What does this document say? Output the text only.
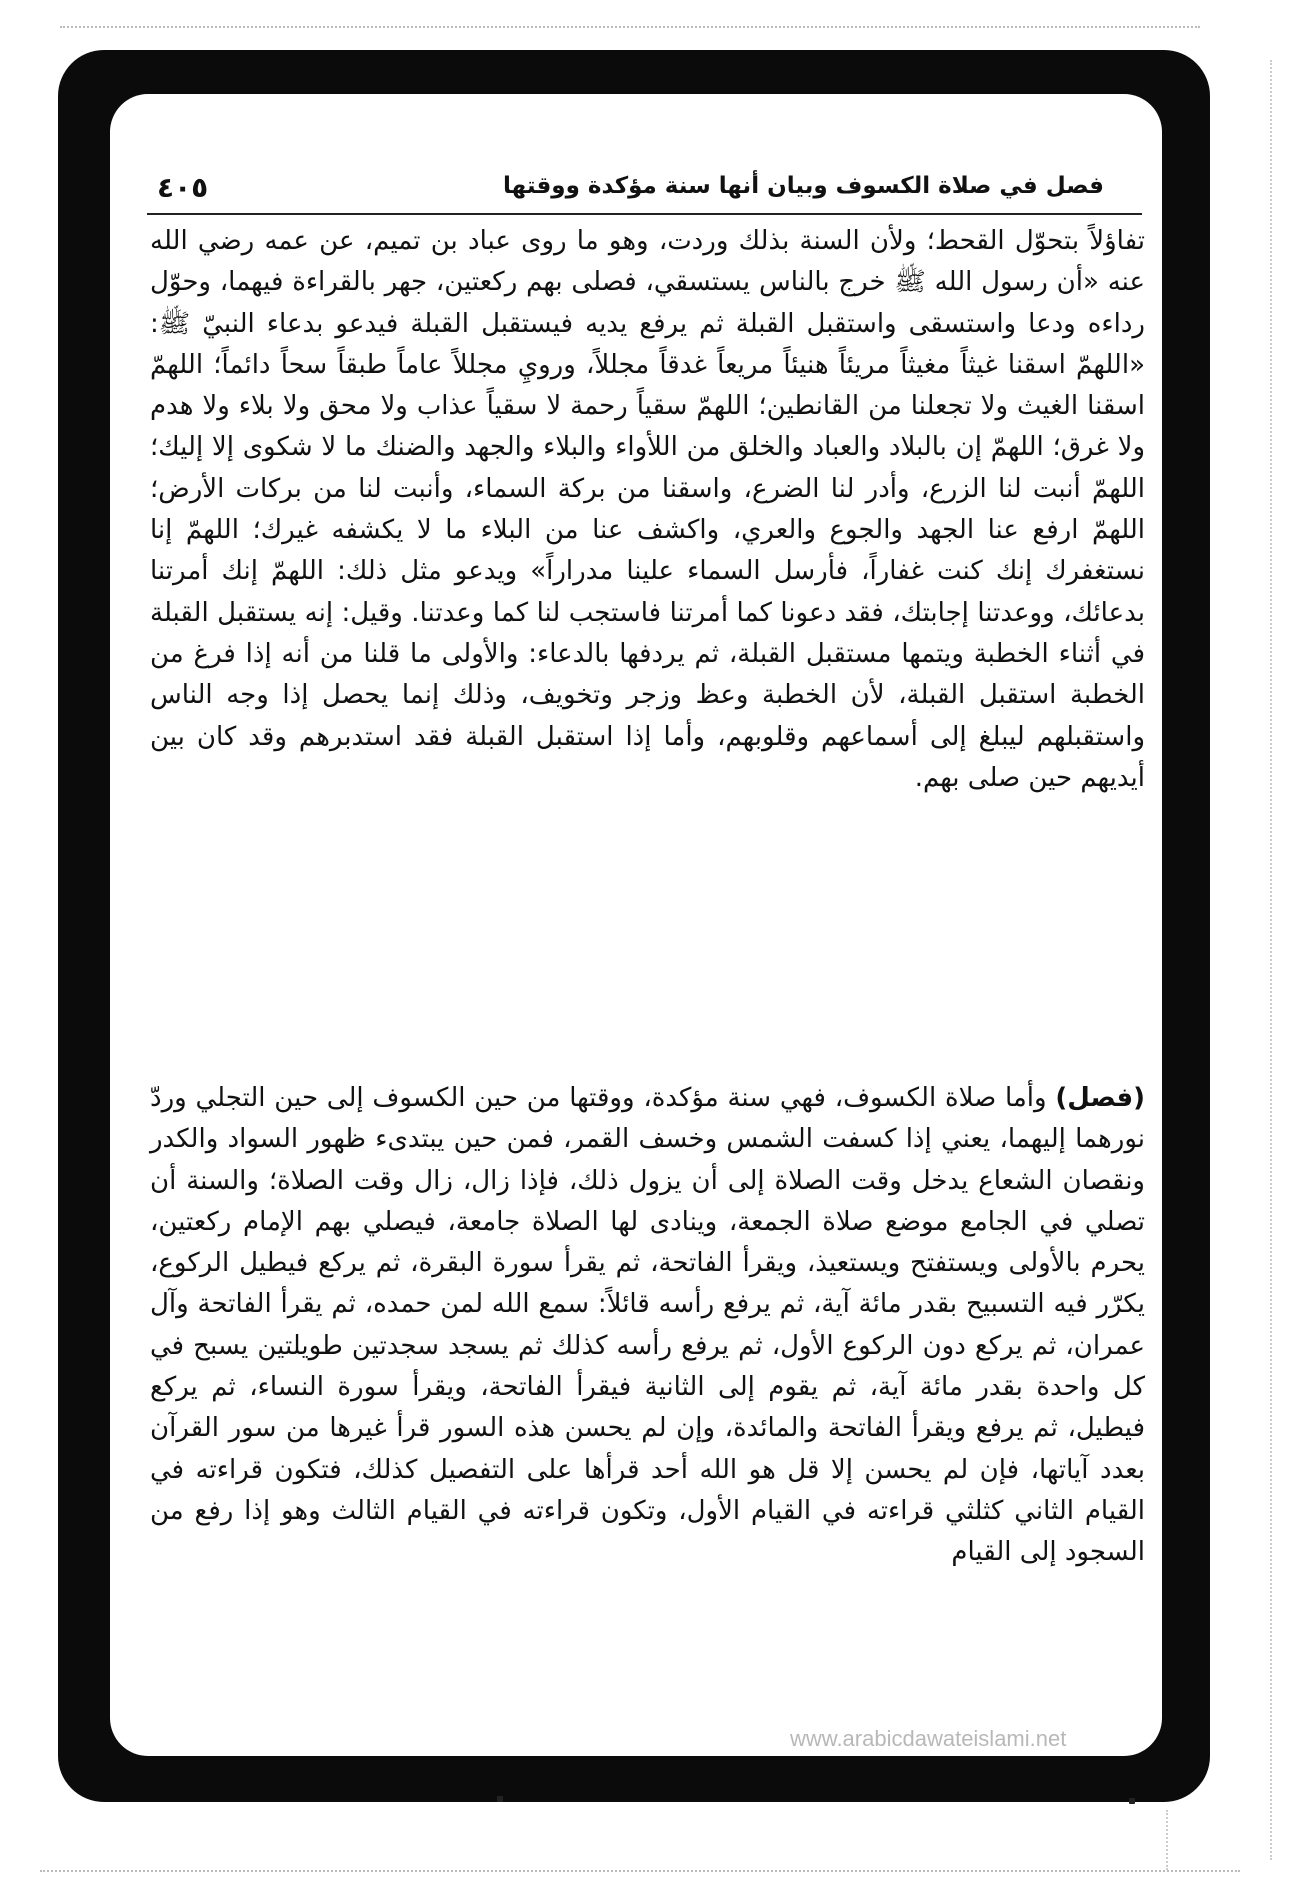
فصل في صلاة الكسوف وبيان أنها سنة مؤكدة ووقتها
٤٠٥

تفاؤلاً بتحوّل القحط؛ ولأن السنة بذلك وردت، وهو ما روى عباد بن تميم، عن عمه رضي الله عنه «أن رسول الله ﷺ خرج بالناس يستسقي، فصلى بهم ركعتين، جهر بالقراءة فيهما، وحوّل رداءه ودعا واستسقى واستقبل القبلة ثم يرفع يديه فيستقبل القبلة فيدعو بدعاء النبيّ ﷺ: «اللهمّ اسقنا غيثاً مغيثاً مريئاً هنيئاً مريعاً غدقاً مجللاً، ورويِ مجللاً عاماً طبقاً سحاً دائماً؛ اللهمّ اسقنا الغيث ولا تجعلنا من القانطين؛ اللهمّ سقياً رحمة لا سقياً عذاب ولا محق ولا بلاء ولا هدم ولا غرق؛ اللهمّ إن بالبلاد والعباد والخلق من اللأواء والبلاء والجهد والضنك ما لا شكوى إلا إليك؛ اللهمّ أنبت لنا الزرع، وأدر لنا الضرع، واسقنا من بركة السماء، وأنبت لنا من بركات الأرض؛ اللهمّ ارفع عنا الجهد والجوع والعري، واكشف عنا من البلاء ما لا يكشفه غيرك؛ اللهمّ إنا نستغفرك إنك كنت غفاراً، فأرسل السماء علينا مدراراً» ويدعو مثل ذلك: اللهمّ إنك أمرتنا بدعائك، ووعدتنا إجابتك، فقد دعونا كما أمرتنا فاستجب لنا كما وعدتنا. وقيل: إنه يستقبل القبلة في أثناء الخطبة ويتمها مستقبل القبلة، ثم يردفها بالدعاء: والأولى ما قلنا من أنه إذا فرغ من الخطبة استقبل القبلة، لأن الخطبة وعظ وزجر وتخويف، وذلك إنما يحصل إذا وجه الناس واستقبلهم ليبلغ إلى أسماعهم وقلوبهم، وأما إذا استقبل القبلة فقد استدبرهم وقد كان بين أيديهم حين صلى بهم.

(فصل) وأما صلاة الكسوف، فهي سنة مؤكدة، ووقتها من حين الكسوف إلى حين التجلي وردّ نورهما إليهما، يعني إذا كسفت الشمس وخسف القمر، فمن حين يبتدىء ظهور السواد والكدر ونقصان الشعاع يدخل وقت الصلاة إلى أن يزول ذلك، فإذا زال، زال وقت الصلاة؛ والسنة أن تصلي في الجامع موضع صلاة الجمعة، وينادى لها الصلاة جامعة، فيصلي بهم الإمام ركعتين، يحرم بالأولى ويستفتح ويستعيذ، ويقرأ الفاتحة، ثم يقرأ سورة البقرة، ثم يركع فيطيل الركوع، يكرّر فيه التسبيح بقدر مائة آية، ثم يرفع رأسه قائلاً: سمع الله لمن حمده، ثم يقرأ الفاتحة وآل عمران، ثم يركع دون الركوع الأول، ثم يرفع رأسه كذلك ثم يسجد سجدتين طويلتين يسبح في كل واحدة بقدر مائة آية، ثم يقوم إلى الثانية فيقرأ الفاتحة، ويقرأ سورة النساء، ثم يركع فيطيل، ثم يرفع ويقرأ الفاتحة والمائدة، وإن لم يحسن هذه السور قرأ غيرها من سور القرآن بعدد آياتها، فإن لم يحسن إلا قل هو الله أحد قرأها على التفصيل كذلك، فتكون قراءته في القيام الثاني كثلثي قراءته في القيام الأول، وتكون قراءته في القيام الثالث وهو إذا رفع من السجود إلى القيام

www.arabicdawateislami.net
